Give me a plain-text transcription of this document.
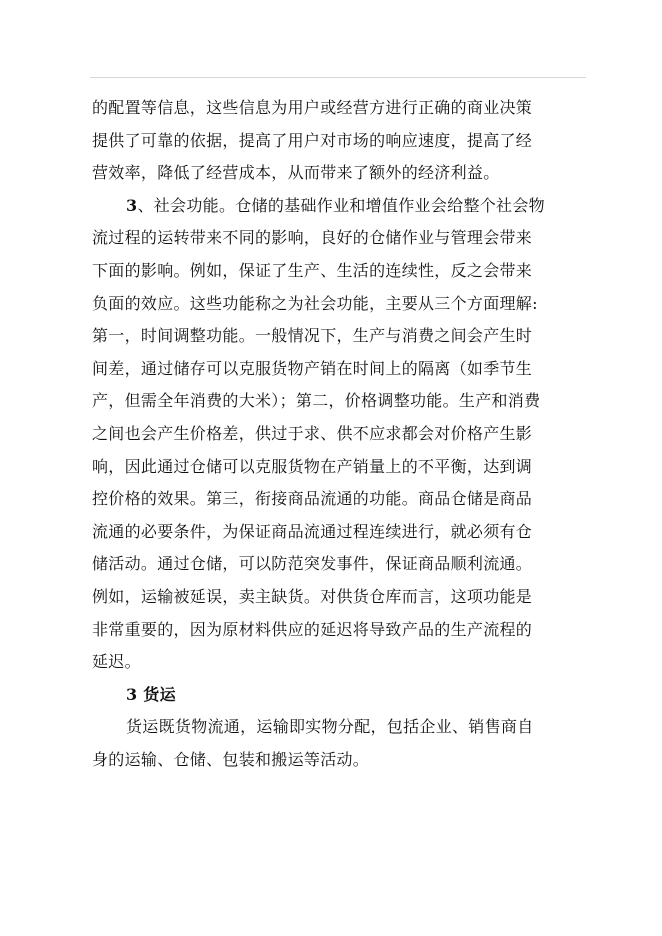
的配置等信息，这些信息为用户或经营方进行正确的商业决策
提供了可靠的依据，提高了用户对市场的响应速度，提高了经
营效率，降低了经营成本，从而带来了额外的经济利益。
3、社会功能。仓储的基础作业和增值作业会给整个社会物
流过程的运转带来不同的影响，良好的仓储作业与管理会带来
下面的影响。例如，保证了生产、生活的连续性，反之会带来
负面的效应。这些功能称之为社会功能，主要从三个方面理解:
第一，时间调整功能。一般情况下，生产与消费之间会产生时
间差，通过储存可以克服货物产销在时间上的隔离（如季节生
产，但需全年消费的大米）；第二，价格调整功能。生产和消费
之间也会产生价格差，供过于求、供不应求都会对价格产生影
响，因此通过仓储可以克服货物在产销量上的不平衡，达到调
控价格的效果。第三，衔接商品流通的功能。商品仓储是商品
流通的必要条件，为保证商品流通过程连续进行，就必须有仓
储活动。通过仓储，可以防范突发事件，保证商品顺利流通。
例如，运输被延误，卖主缺货。对供货仓库而言，这项功能是
非常重要的，因为原材料供应的延迟将导致产品的生产流程的
延迟。
3 货运
货运既货物流通，运输即实物分配，包括企业、销售商自
身的运输、仓储、包装和搬运等活动。
